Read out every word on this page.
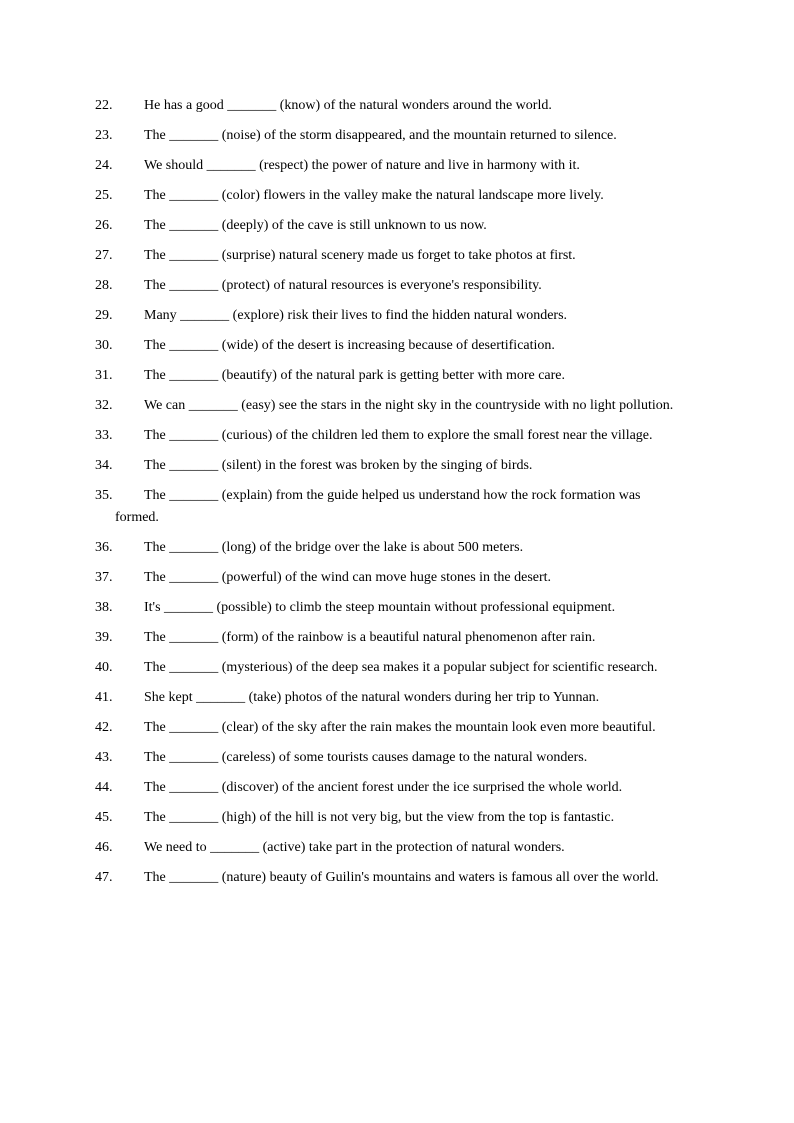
22.	He has a good _______ (know) of the natural wonders around the world.
23.	The _______ (noise) of the storm disappeared, and the mountain returned to silence.
24.	We should _______ (respect) the power of nature and live in harmony with it.
25.	The _______ (color) flowers in the valley make the natural landscape more lively.
26.	The _______ (deeply) of the cave is still unknown to us now.
27.	The _______ (surprise) natural scenery made us forget to take photos at first.
28.	The _______ (protect) of natural resources is everyone's responsibility.
29.	Many _______ (explore) risk their lives to find the hidden natural wonders.
30.	The _______ (wide) of the desert is increasing because of desertification.
31.	The _______ (beautify) of the natural park is getting better with more care.
32.	We can _______ (easy) see the stars in the night sky in the countryside with no light pollution.
33.	The _______ (curious) of the children led them to explore the small forest near the village.
34.	The _______ (silent) in the forest was broken by the singing of birds.
35.	The _______ (explain) from the guide helped us understand how the rock formation was formed.
36.	The _______ (long) of the bridge over the lake is about 500 meters.
37.	The _______ (powerful) of the wind can move huge stones in the desert.
38.	It's _______ (possible) to climb the steep mountain without professional equipment.
39.	The _______ (form) of the rainbow is a beautiful natural phenomenon after rain.
40.	The _______ (mysterious) of the deep sea makes it a popular subject for scientific research.
41.	She kept _______ (take) photos of the natural wonders during her trip to Yunnan.
42.	The _______ (clear) of the sky after the rain makes the mountain look even more beautiful.
43.	The _______ (careless) of some tourists causes damage to the natural wonders.
44.	The _______ (discover) of the ancient forest under the ice surprised the whole world.
45.	The _______ (high) of the hill is not very big, but the view from the top is fantastic.
46.	We need to _______ (active) take part in the protection of natural wonders.
47.	The _______ (nature) beauty of Guilin's mountains and waters is famous all over the world.
